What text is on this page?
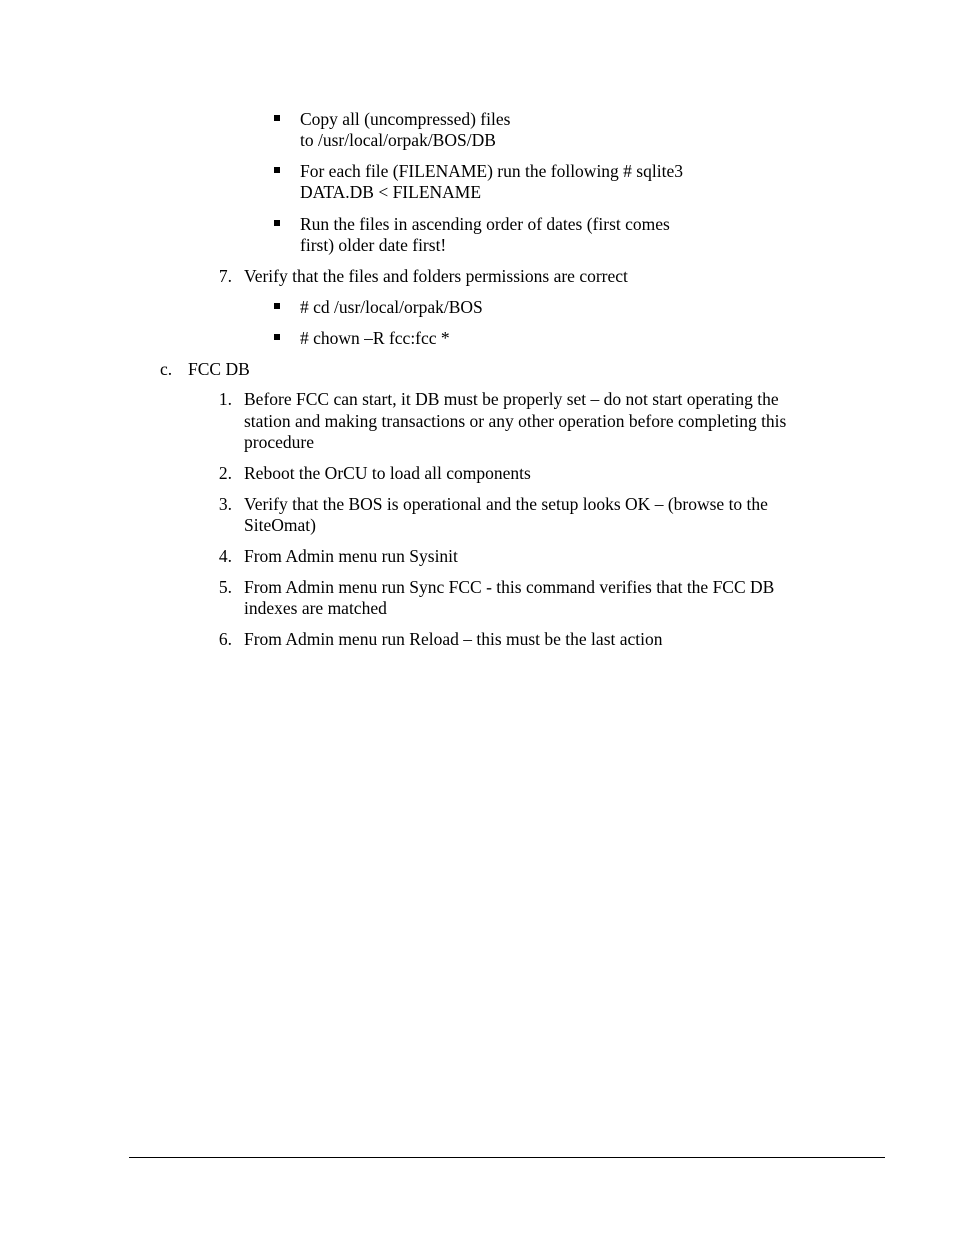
Copy all (uncompressed) files
to /usr/local/orpak/BOS/DB
For each file (FILENAME) run the following # sqlite3
DATA.DB < FILENAME
Run the files in ascending order of dates (first comes
first) older date first!
7. Verify that the files and folders permissions are correct
# cd /usr/local/orpak/BOS
# chown –R fcc:fcc *
c. FCC DB
1. Before FCC can start, it DB must be properly set – do not start operating the
station and making transactions or any other operation before completing this
procedure
2. Reboot the OrCU to load all components
3. Verify that the BOS is operational and the setup looks OK – (browse to the
SiteOmat)
4. From Admin menu run Sysinit
5. From Admin menu run Sync FCC - this command verifies that the FCC DB
indexes are matched
6. From Admin menu run Reload – this must be the last action
